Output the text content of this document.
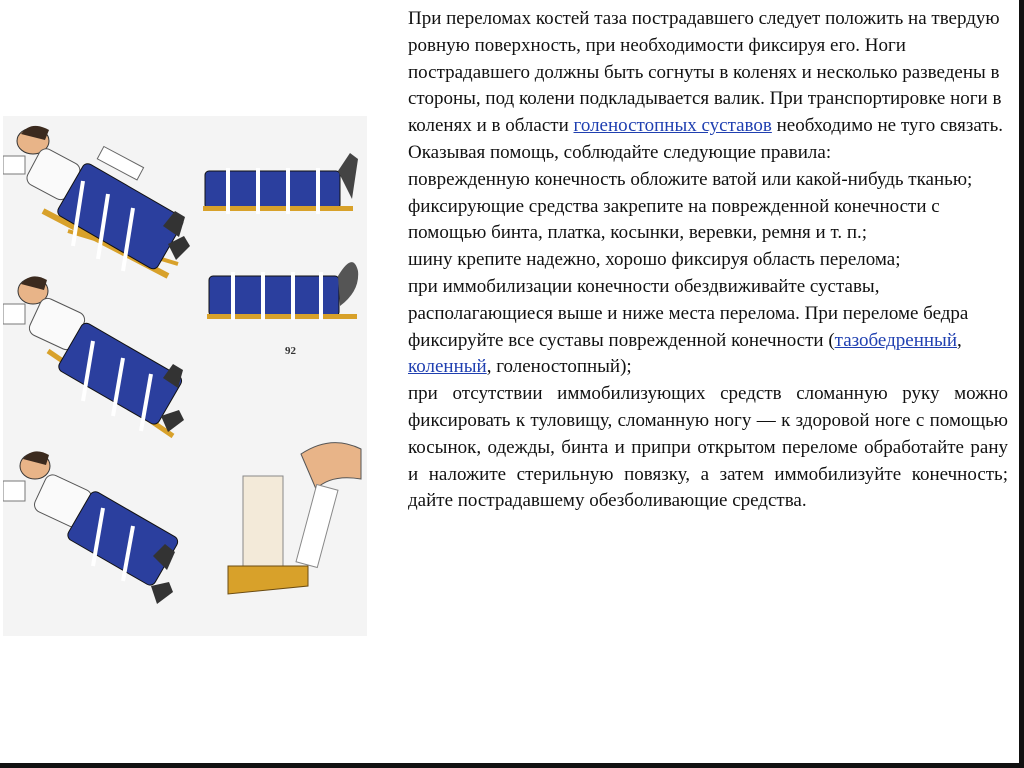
92

При переломах костей таза пострадавшего следует положить на твердую ровную поверхность, при необходимости фиксируя его. Ноги пострадавшего должны быть согнуты в коленях и несколько разведены в стороны, под колени подкладывается валик. При транспортировке ноги в коленях и в области голеностопных суставов необходимо не туго связать. Оказывая помощь, соблюдайте следующие правила:

поврежденную конечность обложите ватой или какой-нибудь тканью;

фиксирующие средства закрепите на поврежденной конечности с помощью бинта, платка, косынки, веревки, ремня и т. п.;

шину крепите надежно, хорошо фиксируя область перелома;

при иммобилизации конечности обездвиживайте суставы, располагающиеся выше и ниже места перелома. При переломе бедра фиксируйте все суставы поврежденной конечности (тазобедренный, коленный, голеностопный);

при отсутствии иммобилизующих средств сломанную руку можно фиксировать к туловищу, сломанную ногу — к здоровой ноге с помощью косынок, одежды, бинта и припри открытом переломе обработайте рану и наложите стерильную повязку, а затем иммобилизуйте конечность; дайте пострадавшему обезболивающие средства.
